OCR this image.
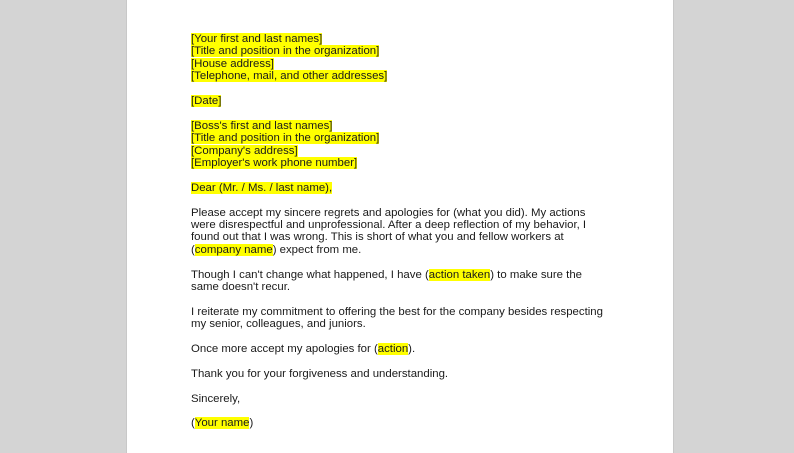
[Your first and last names]
[Title and position in the organization]
[House address]
[Telephone, mail, and other addresses]
[Date]
[Boss's first and last names]
[Title and position in the organization]
[Company's address]
[Employer's work phone number]
Dear (Mr. / Ms. / last name),
Please accept my sincere regrets and apologies for (what you did). My actions were disrespectful and unprofessional. After a deep reflection of my behavior, I found out that I was wrong. This is short of what you and fellow workers at (company name) expect from me.
Though I can't change what happened, I have (action taken) to make sure the same doesn't recur.
I reiterate my commitment to offering the best for the company besides respecting my senior, colleagues, and juniors.
Once more accept my apologies for (action).
Thank you for your forgiveness and understanding.
Sincerely,
(Your name)
